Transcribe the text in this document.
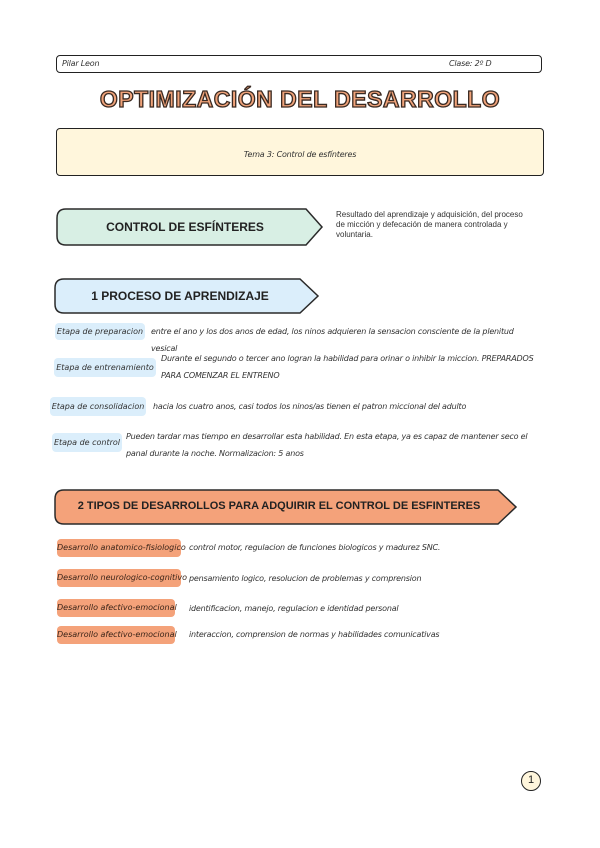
Pilar Leon	Clase: 2º D
OPTIMIZACIÓN DEL DESARROLLO
Tema 3: Control de esfínteres
CONTROL DE ESFÍNTERES
Resultado del aprendizaje y adquisición, del proceso de micción y defecación de manera controlada y voluntaria.
1 PROCESO DE APRENDIZAJE
Etapa de preparacion entre el ano y los dos anos de edad, los ninos adquieren la sensacion consciente de la plenitud vesical
Etapa de entrenamiento
Durante el segundo o tercer ano logran la habilidad para orinar o inhibir la miccion. PREPARADOS PARA COMENZAR EL ENTRENO
Etapa de consolidacion hacia los cuatro anos, casi todos los ninos/as tienen el patron miccional del adulto
Etapa de control
Pueden tardar mas tiempo en desarrollar esta habilidad. En esta etapa, ya es capaz de mantener seco el panal durante la noche. Normalizacion: 5 anos
2 TIPOS DE DESARROLLOS PARA ADQUIRIR EL CONTROL DE ESFINTERES
Desarrollo anatomico-fisiologico control motor, regulacion de funciones biologicos y madurez SNC.
Desarrollo neurologico-cognitivo pensamiento logico, resolucion de problemas y comprension
Desarrollo afectivo-emocional identificacion, manejo, regulacion e identidad personal
Desarrollo afectivo-emocional interaccion, comprension de normas y habilidades comunicativas
1
